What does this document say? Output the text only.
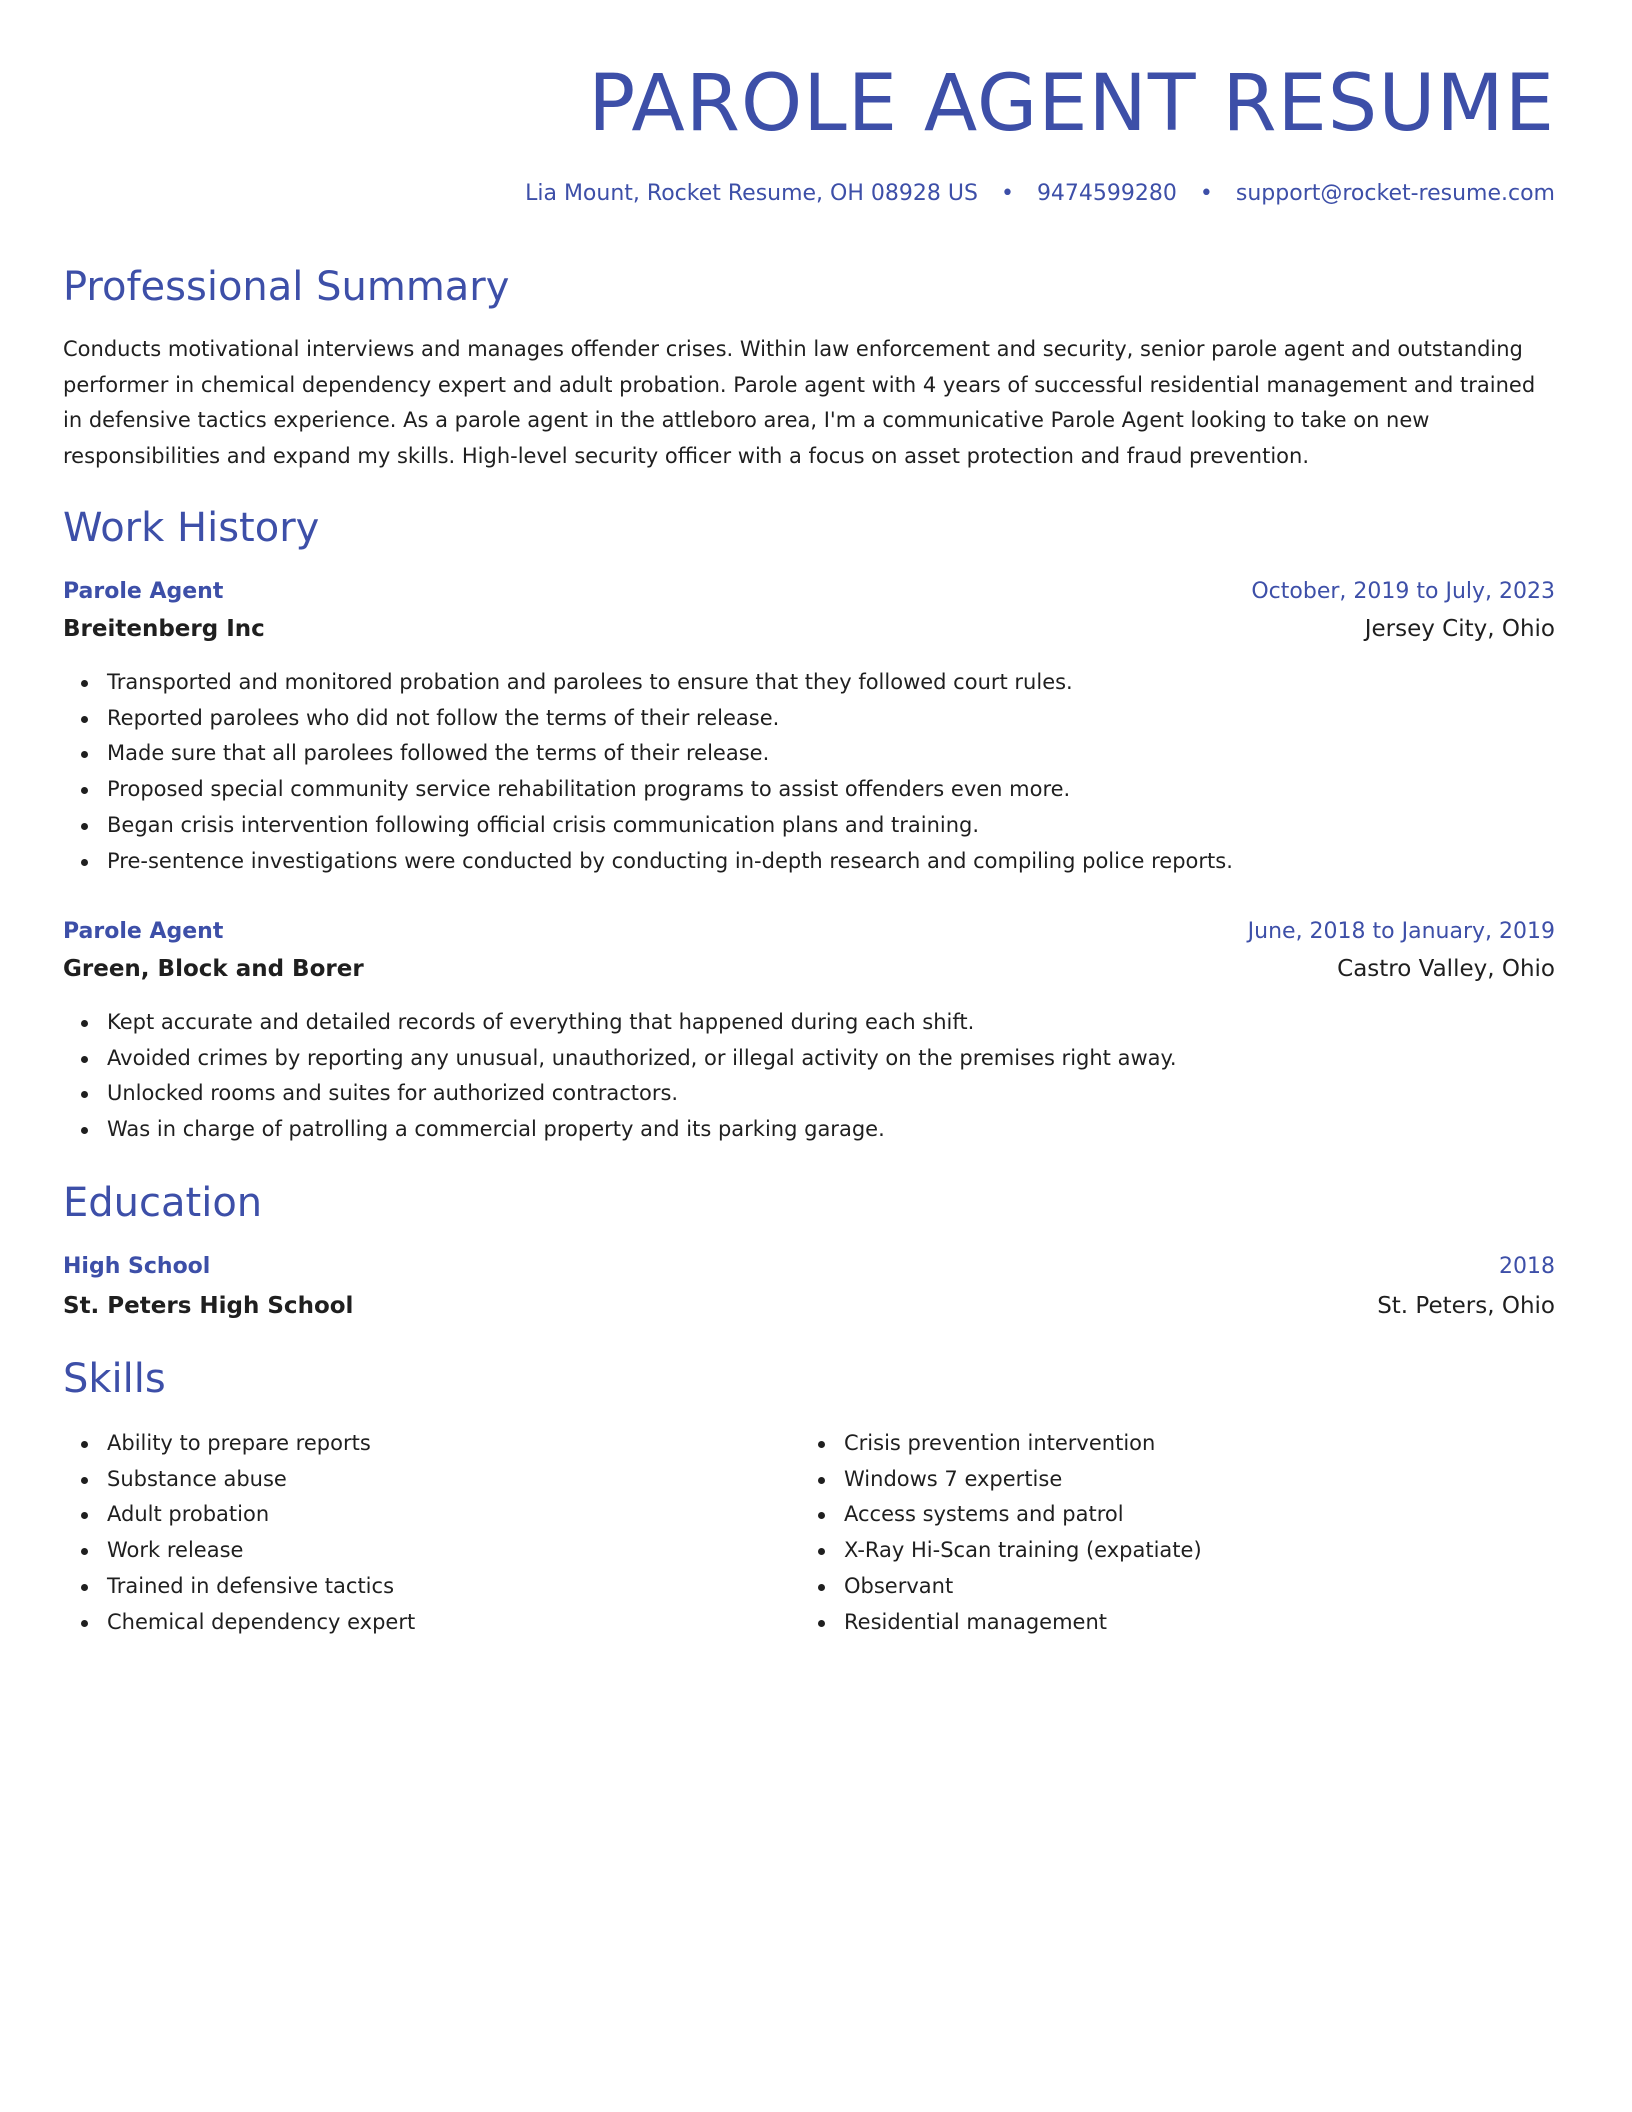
PAROLE AGENT RESUME
Lia Mount, Rocket Resume, OH 08928 US • 9474599280 • support@rocket-resume.com
Professional Summary

Conducts motivational interviews and manages offender crises. Within law enforcement and security, senior parole agent and outstanding performer in chemical dependency expert and adult probation. Parole agent with 4 years of successful residential management and trained in defensive tactics experience. As a parole agent in the attleboro area, I'm a communicative Parole Agent looking to take on new responsibilities and expand my skills. High-level security officer with a focus on asset protection and fraud prevention.

Work History
Parole Agent	October, 2019 to July, 2023
Breitenberg Inc	Jersey City, Ohio
Transported and monitored probation and parolees to ensure that they followed court rules.
Reported parolees who did not follow the terms of their release.
Made sure that all parolees followed the terms of their release.
Proposed special community service rehabilitation programs to assist offenders even more.
Began crisis intervention following official crisis communication plans and training.
Pre-sentence investigations were conducted by conducting in-depth research and compiling police reports.
Parole Agent	June, 2018 to January, 2019
Green, Block and Borer	Castro Valley, Ohio
Kept accurate and detailed records of everything that happened during each shift.
Avoided crimes by reporting any unusual, unauthorized, or illegal activity on the premises right away.
Unlocked rooms and suites for authorized contractors.
Was in charge of patrolling a commercial property and its parking garage.
Education
High School	2018
St. Peters High School	St. Peters, Ohio
Skills
Ability to prepare reports
Substance abuse
Adult probation
Work release
Trained in defensive tactics
Chemical dependency expert
Crisis prevention intervention
Windows 7 expertise
Access systems and patrol
X-Ray Hi-Scan training (expatiate)
Observant
Residential management
